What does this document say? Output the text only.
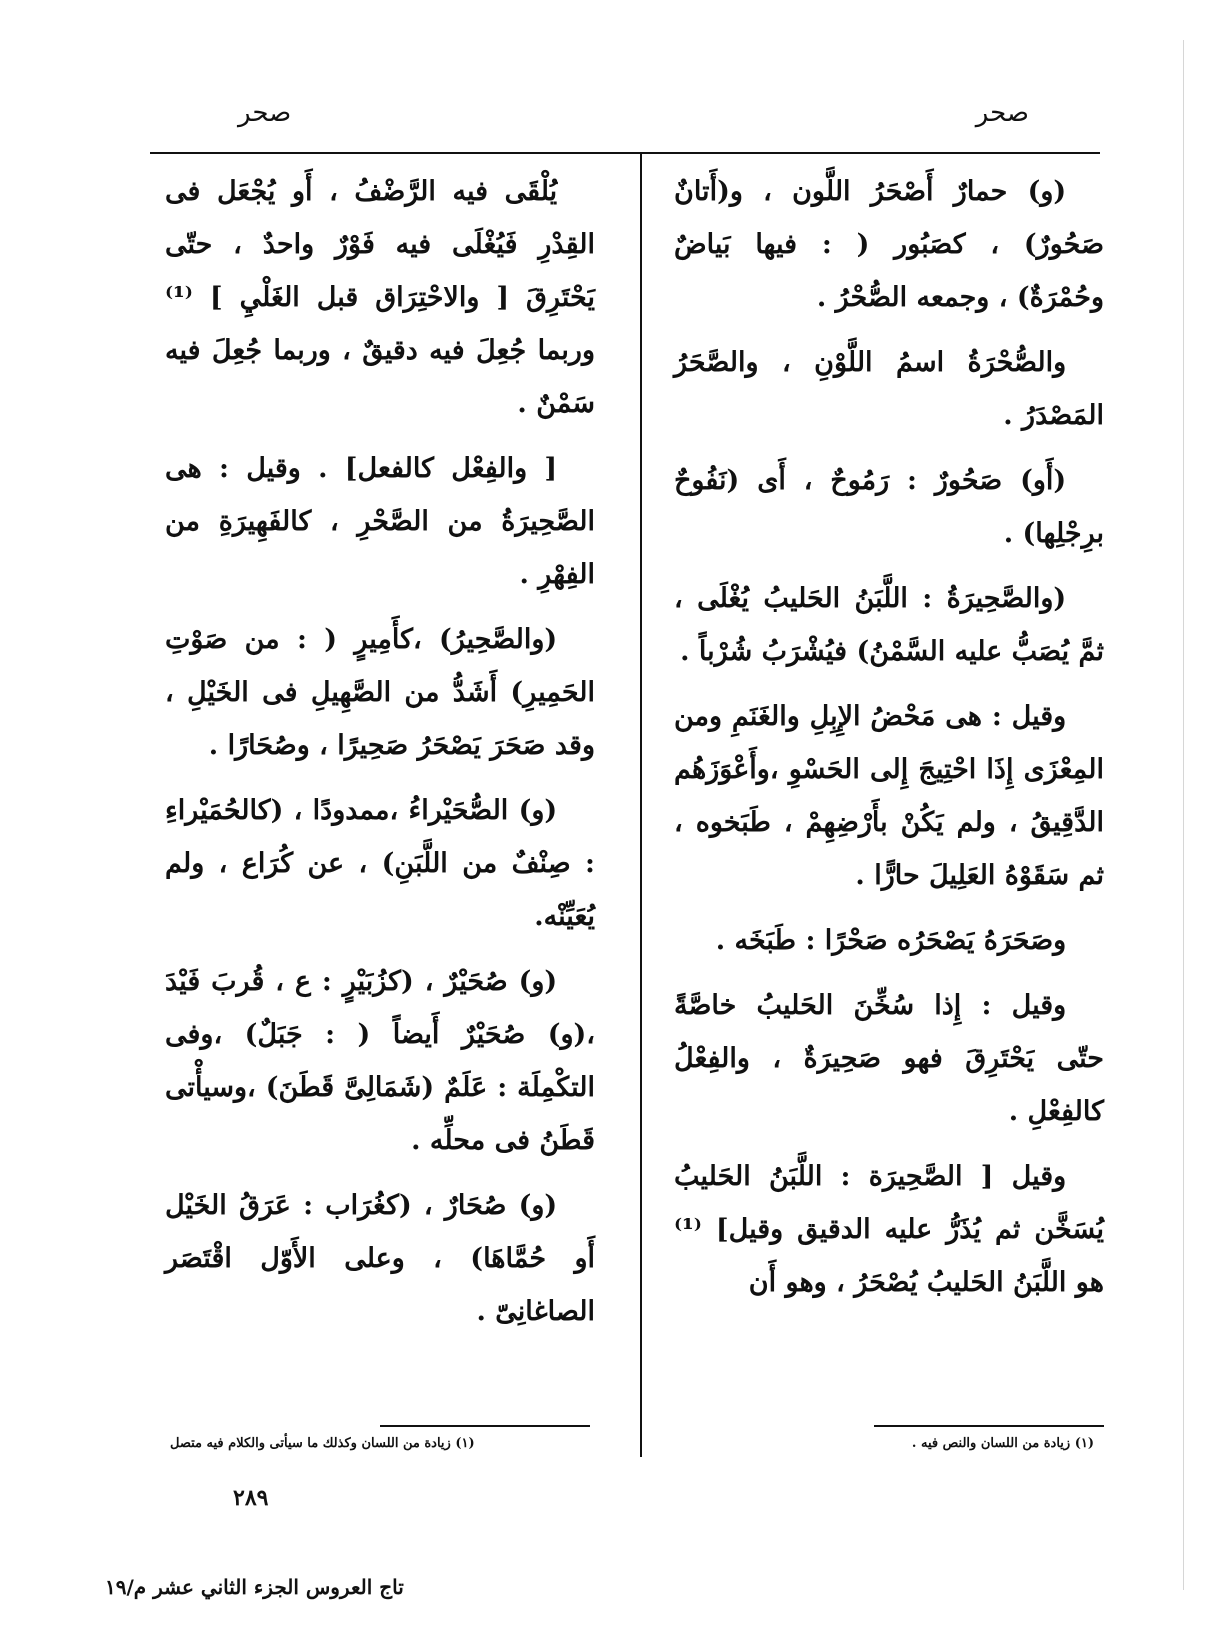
صحر
صحر

(و) حمارٌ أَصْحَرُ اللَّون ، و(أَتانٌ صَحُورٌ) ، كصَبُور ( : فيها بَياضٌ وحُمْرَةٌ) ، وجمعه الصُّحْرُ .

والصُّحْرَةُ اسمُ اللَّوْنِ ، والصَّحَرُ المَصْدَرُ .

(أَو) صَحُورٌ : رَمُوحٌ ، أَى (نَفُوحٌ برِجْلِها) .

(والصَّحِيرَةُ : اللَّبَنُ الحَليبُ يُغْلَى ، ثمَّ يُصَبُّ عليه السَّمْنُ) فيُشْرَبُ شُرْباً .

وقيل : هى مَحْضُ الإِبِلِ والغَنَمِ ومن المِعْزَى إِذَا احْتِيجَ إِلى الحَسْوِ ،وأَعْوَزَهُم الدَّقِيقُ ، ولم يَكُنْ بأَرْضِهِمْ ، طَبَخوه ، ثم سَقَوْهُ العَلِيلَ حارًّا .

وصَحَرَهُ يَصْحَرُه صَحْرًا : طَبَخَه .

وقيل : إِذا سُخِّنَ الحَليبُ خاصَّةً حتّى يَحْتَرِقَ فهو صَحِيرَةٌ ، والفِعْلُ كالفِعْلِ .

وقيل [ الصَّحِيرَة : اللَّبَنُ الحَليبُ يُسَخَّن ثم يُذَرُّ عليه الدقيق وقيل] ⁽¹⁾ هو اللَّبَنُ الحَليبُ يُصْحَرُ ، وهو أَن

يُلْقَى فيه الرَّضْفُ ، أَو يُجْعَل فى القِدْرِ فَيُغْلَى فيه فَوْرٌ واحدٌ ، حتّى يَحْتَرِقَ [ والاحْتِرَاق قبل الغَلْيِ ] ⁽¹⁾ وربما جُعِلَ فيه دقيقٌ ، وربما جُعِلَ فيه سَمْنٌ .

[ والفِعْل كالفعل] . وقيل : هى الصَّحِيرَةُ من الصَّحْرِ ، كالفَهِيرَةِ من الفِهْرِ .

(والصَّحِيرُ) ،كأَمِيرٍ ( : من صَوْتِ الحَمِيرِ) أَشَدُّ من الصَّهِيلِ فى الخَيْلِ ، وقد صَحَرَ يَصْحَرُ صَحِيرًا ، وصُحَارًا .

(و) الصُّحَيْراءُ ،ممدودًا ، (كالحُمَيْراءِ : صِنْفٌ من اللَّبَنِ) ، عن كُرَاع ، ولم يُعَيِّنْه.

(و) صُحَيْرٌ ، (كزُبَيْرٍ : ع ، قُربَ فَيْدَ ،(و) صُحَيْرٌ أَيضاً ( : جَبَلٌ) ،وفى التكْمِلَة : عَلَمٌ (شَمَالِىَّ قَطَنَ) ،وسيأْتى قَطَنُ فى محلِّه .

(و) صُحَارٌ ، (كغُرَاب : عَرَقُ الخَيْل أَو حُمَّاهَا) ، وعلى الأَوّل اقْتَصَر الصاغانِىّ .

(١) زيادة من اللسان والنص فيه .
(١) زيادة من اللسان وكذلك ما سيأتى والكلام فيه متصل
٢٨٩
تاج العروس الجزء الثاني عشر م/١٩
